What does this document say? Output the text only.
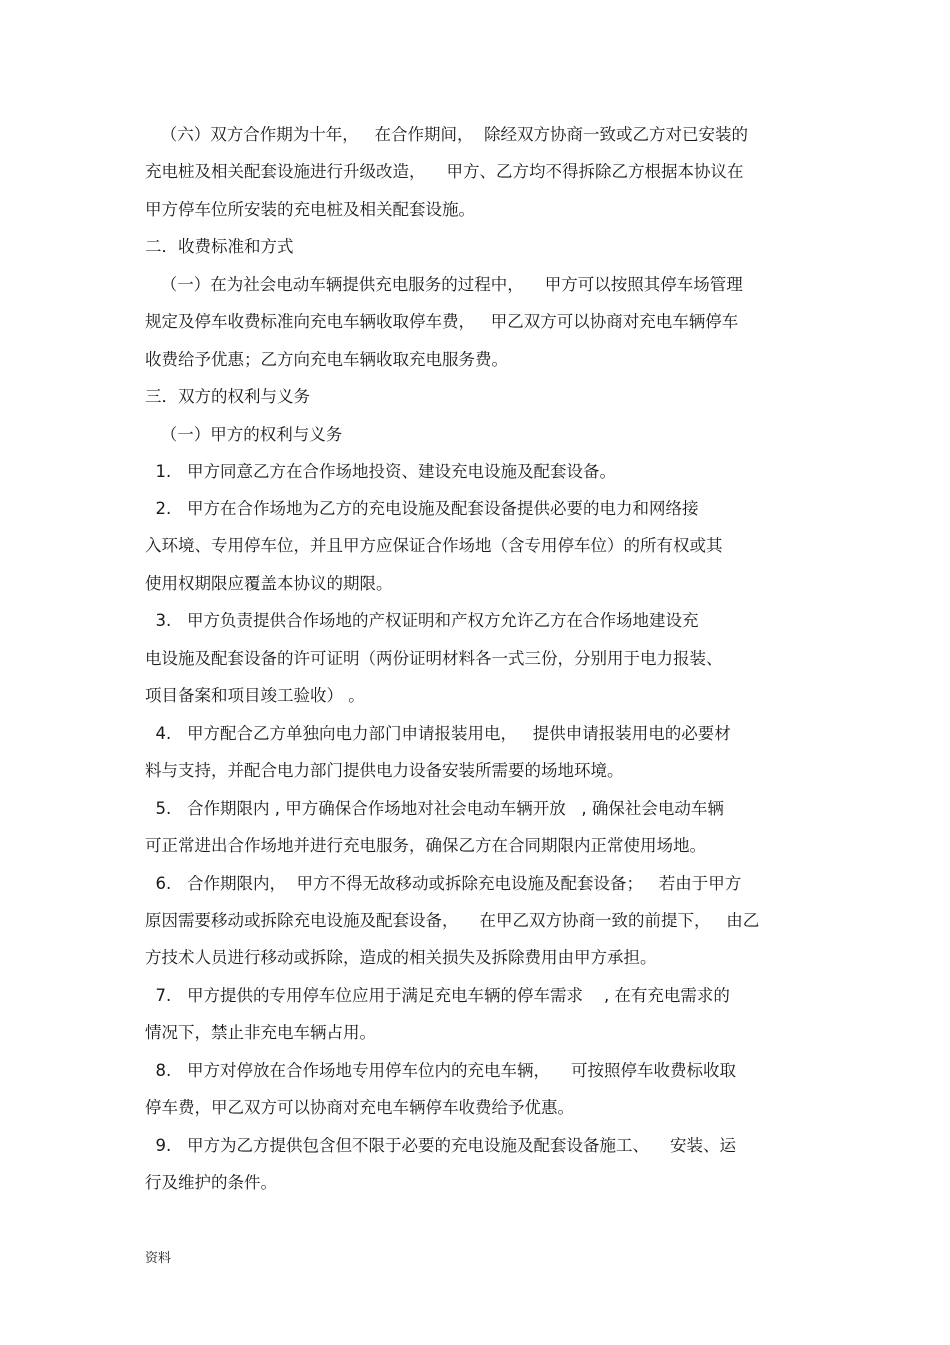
（六）双方合作期为十年，   在合作期间，  除经双方协商一致或乙方对已安装的

充电桩及相关配套设施进行升级改造，    甲方、乙方均不得拆除乙方根据本协议在

甲方停车位所安装的充电桩及相关配套设施。

二．收费标准和方式

（一）在为社会电动车辆提供充电服务的过程中，    甲方可以按照其停车场管理

规定及停车收费标准向充电车辆收取停车费，   甲乙双方可以协商对充电车辆停车

收费给予优惠；乙方向充电车辆收取充电服务费。

三．双方的权利与义务

（一）甲方的权利与义务

1.   甲方同意乙方在合作场地投资、建设充电设施及配套设备。

2.   甲方在合作场地为乙方的充电设施及配套设备提供必要的电力和网络接

入环境、专用停车位，并且甲方应保证合作场地（含专用停车位）的所有权或其

使用权期限应覆盖本协议的期限。

3.   甲方负责提供合作场地的产权证明和产权方允许乙方在合作场地建设充

电设施及配套设备的许可证明（两份证明材料各一式三份，分别用于电力报装、

项目备案和项目竣工验收） 。

4.   甲方配合乙方单独向电力部门申请报装用电，   提供申请报装用电的必要材

料与支持，并配合电力部门提供电力设备安装所需要的场地环境。

5.   合作期限内 , 甲方确保合作场地对社会电动车辆开放   , 确保社会电动车辆

可正常进出合作场地并进行充电服务，确保乙方在合同期限内正常使用场地。

6.   合作期限内，  甲方不得无故移动或拆除充电设施及配套设备；   若由于甲方

原因需要移动或拆除充电设施及配套设备，    在甲乙双方协商一致的前提下，   由乙

方技术人员进行移动或拆除，造成的相关损失及拆除费用由甲方承担。

7.   甲方提供的专用停车位应用于满足充电车辆的停车需求    , 在有充电需求的

情况下，禁止非充电车辆占用。

8.   甲方对停放在合作场地专用停车位内的充电车辆，    可按照停车收费标收取

停车费，甲乙双方可以协商对充电车辆停车收费给予优惠。

9.   甲方为乙方提供包含但不限于必要的充电设施及配套设备施工、    安装、运

行及维护的条件。

资料
